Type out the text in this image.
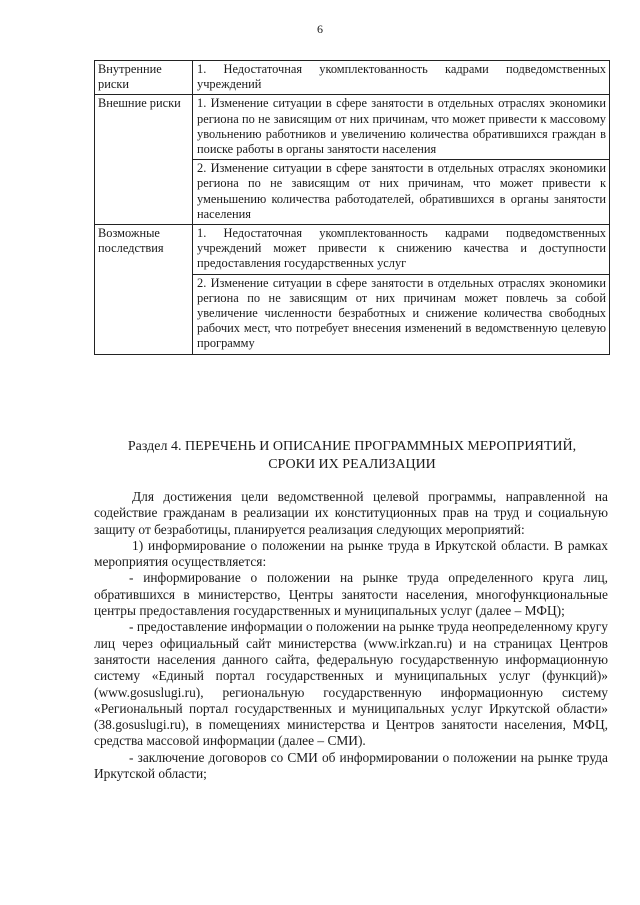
6
Внутренние риски	1. Недостаточная укомплектованность кадрами подведомственных учреждений
Внешние риски	1. Изменение ситуации в сфере занятости в отдельных отраслях экономики региона по не зависящим от них причинам, что может привести к массовому увольнению работников и увеличению количества обратившихся граждан в поиске работы в органы занятости населения
	2. Изменение ситуации в сфере занятости в отдельных отраслях экономики региона по не зависящим от них причинам, что может привести к уменьшению количества работодателей, обратившихся в органы занятости населения
Возможные последствия	1. Недостаточная укомплектованность кадрами подведомственных учреждений может привести к снижению качества и доступности предоставления государственных услуг
	2. Изменение ситуации в сфере занятости в отдельных отраслях экономики региона по не зависящим от них причинам может повлечь за собой увеличение численности безработных и снижение количества свободных рабочих мест, что потребует внесения изменений в ведомственную целевую программу
Раздел 4. ПЕРЕЧЕНЬ И ОПИСАНИЕ ПРОГРАММНЫХ МЕРОПРИЯТИЙ,
СРОКИ ИХ РЕАЛИЗАЦИИ

Для достижения цели ведомственной целевой программы, направленной на содействие гражданам в реализации их конституционных прав на труд и социальную защиту от безработицы, планируется реализация следующих мероприятий:

1) информирование о положении на рынке труда в Иркутской области. В рамках мероприятия осуществляется:

- информирование о положении на рынке труда определенного круга лиц, обратившихся в министерство, Центры занятости населения, многофункциональные центры предоставления государственных и муниципальных услуг (далее – МФЦ);

- предоставление информации о положении на рынке труда неопределенному кругу лиц через официальный сайт министерства (www.irkzan.ru) и на страницах Центров занятости населения данного сайта, федеральную государственную информационную систему «Единый портал государственных и муниципальных услуг (функций)» (www.gosuslugi.ru), региональную государственную информационную систему «Региональный портал государственных и муниципальных услуг Иркутской области» (38.gosuslugi.ru), в помещениях министерства и Центров занятости населения, МФЦ, средства массовой информации (далее – СМИ).

- заключение договоров со СМИ об информировании о положении на рынке труда Иркутской области;
